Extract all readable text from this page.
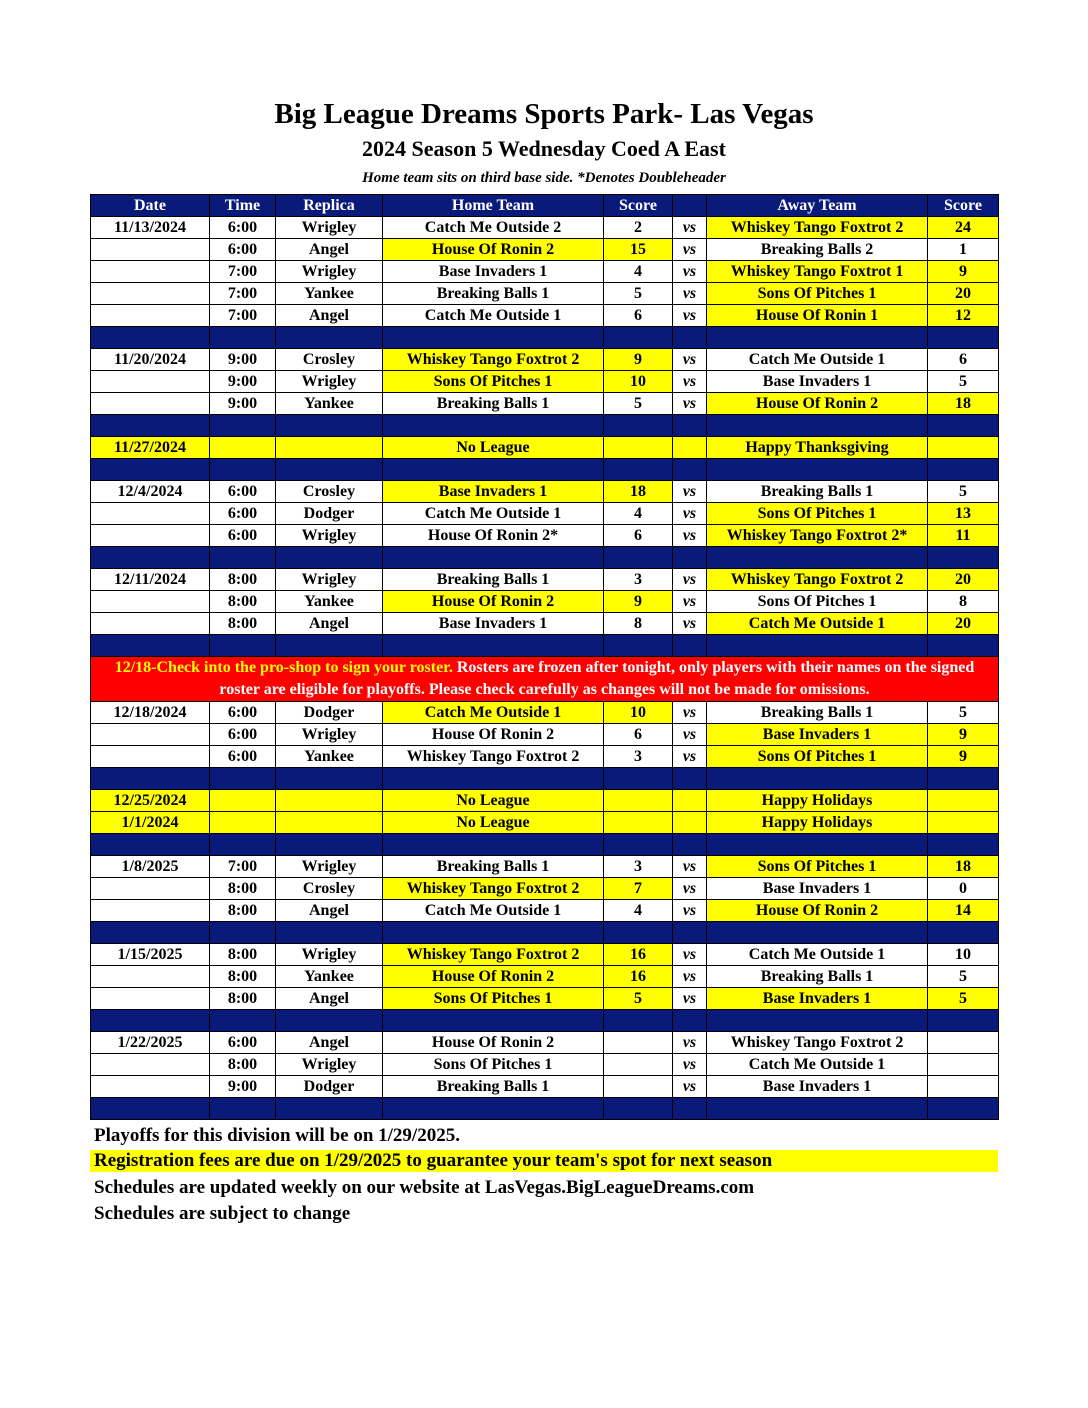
Big League Dreams Sports Park- Las Vegas
2024 Season 5 Wednesday Coed A East
Home team sits on third base side. *Denotes Doubleheader
Date	Time	Replica	Home Team	Score		Away Team	Score
11/13/2024	6:00	Wrigley	Catch Me Outside 2	2	vs	Whiskey Tango Foxtrot 2	24
	6:00	Angel	House Of Ronin 2	15	vs	Breaking Balls 2	1
	7:00	Wrigley	Base Invaders 1	4	vs	Whiskey Tango Foxtrot 1	9
	7:00	Yankee	Breaking Balls 1	5	vs	Sons Of Pitches 1	20
	7:00	Angel	Catch Me Outside 1	6	vs	House Of Ronin 1	12

11/20/2024	9:00	Crosley	Whiskey Tango Foxtrot 2	9	vs	Catch Me Outside 1	6
	9:00	Wrigley	Sons Of Pitches 1	10	vs	Base Invaders 1	5
	9:00	Yankee	Breaking Balls 1	5	vs	House Of Ronin 2	18

11/27/2024			No League			Happy Thanksgiving	

12/4/2024	6:00	Crosley	Base Invaders 1	18	vs	Breaking Balls 1	5
	6:00	Dodger	Catch Me Outside 1	4	vs	Sons Of Pitches 1	13
	6:00	Wrigley	House Of Ronin 2*	6	vs	Whiskey Tango Foxtrot 2*	11

12/11/2024	8:00	Wrigley	Breaking Balls 1	3	vs	Whiskey Tango Foxtrot 2	20
	8:00	Yankee	House Of Ronin 2	9	vs	Sons Of Pitches 1	8
	8:00	Angel	Base Invaders 1	8	vs	Catch Me Outside 1	20

12/18-Check into the pro-shop to sign your roster. Rosters are frozen after tonight, only players with their names on the signed roster are eligible for playoffs. Please check carefully as changes will not be made for omissions.							
12/18/2024	6:00	Dodger	Catch Me Outside 1	10	vs	Breaking Balls 1	5
	6:00	Wrigley	House Of Ronin 2	6	vs	Base Invaders 1	9
	6:00	Yankee	Whiskey Tango Foxtrot 2	3	vs	Sons Of Pitches 1	9

12/25/2024			No League			Happy Holidays	
1/1/2024			No League			Happy Holidays	

1/8/2025	7:00	Wrigley	Breaking Balls 1	3	vs	Sons Of Pitches 1	18
	8:00	Crosley	Whiskey Tango Foxtrot 2	7	vs	Base Invaders 1	0
	8:00	Angel	Catch Me Outside 1	4	vs	House Of Ronin 2	14

1/15/2025	8:00	Wrigley	Whiskey Tango Foxtrot 2	16	vs	Catch Me Outside 1	10
	8:00	Yankee	House Of Ronin 2	16	vs	Breaking Balls 1	5
	8:00	Angel	Sons Of Pitches 1	5	vs	Base Invaders 1	5

1/22/2025	6:00	Angel	House Of Ronin 2		vs	Whiskey Tango Foxtrot 2	
	8:00	Wrigley	Sons Of Pitches 1		vs	Catch Me Outside 1	
	9:00	Dodger	Breaking Balls 1		vs	Base Invaders 1	

Playoffs for this division will be on 1/29/2025.
Registration fees are due on 1/29/2025 to guarantee your team's spot for next season
Schedules are updated weekly on our website at LasVegas.BigLeagueDreams.com
Schedules are subject to change
